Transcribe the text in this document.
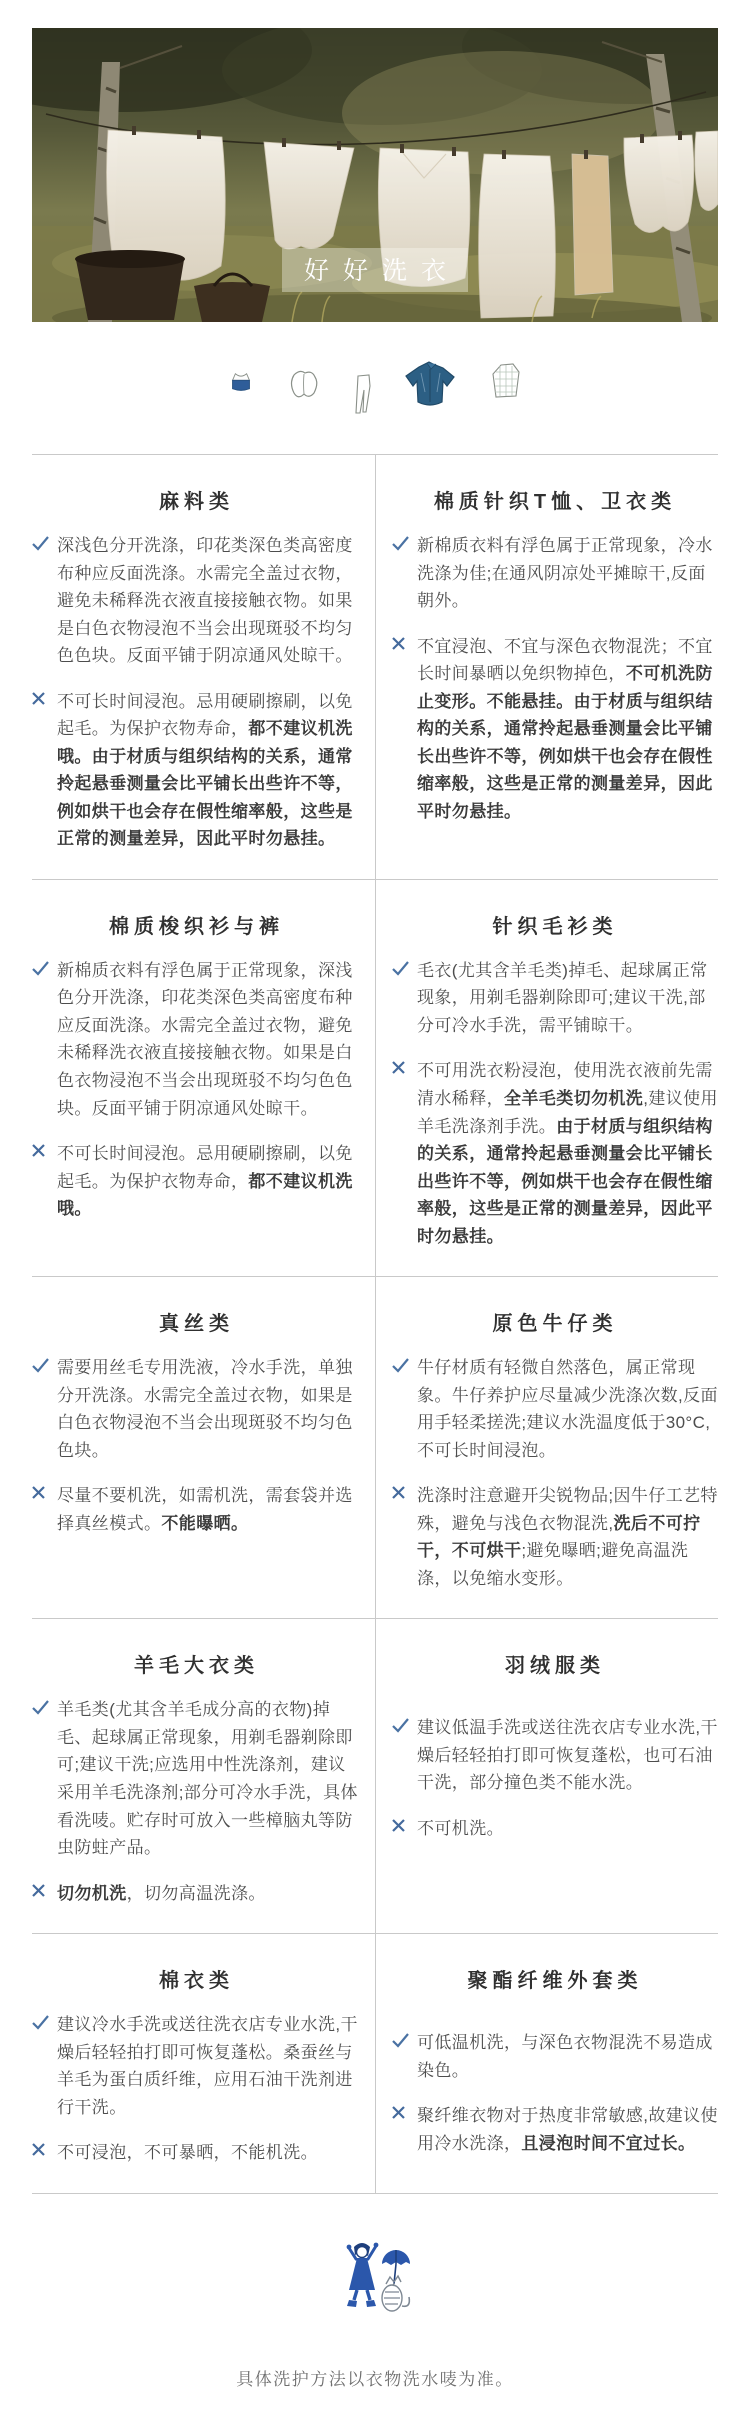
好好洗衣
麻料类

深浅色分开洗涤，印花类深色类高密度布种应反面洗涤。水需完全盖过衣物，避免未稀释洗衣液直接接触衣物。如果是白色衣物浸泡不当会出现斑驳不均匀色色块。反面平铺于阴凉通风处晾干。

不可长时间浸泡。忌用硬刷擦刷，以免起毛。为保护衣物寿命，都不建议机洗哦。由于材质与组织结构的关系，通常拎起悬垂测量会比平铺长出些许不等，例如烘干也会存在假性缩率般，这些是正常的测量差异，因此平时勿悬挂。

棉质针织T恤、卫衣类

新棉质衣料有浮色属于正常现象，冷水洗涤为佳;在通风阴凉处平摊晾干,反面朝外。

不宜浸泡、不宜与深色衣物混洗；不宜长时间暴晒以免织物掉色，不可机洗防止变形。不能悬挂。由于材质与组织结构的关系，通常拎起悬垂测量会比平铺长出些许不等，例如烘干也会存在假性缩率般，这些是正常的测量差异，因此平时勿悬挂。

棉质梭织衫与裤

新棉质衣料有浮色属于正常现象，深浅色分开洗涤，印花类深色类高密度布种应反面洗涤。水需完全盖过衣物，避免未稀释洗衣液直接接触衣物。如果是白色衣物浸泡不当会出现斑驳不均匀色色块。反面平铺于阴凉通风处晾干。

不可长时间浸泡。忌用硬刷擦刷，以免起毛。为保护衣物寿命，都不建议机洗哦。

针织毛衫类

毛衣(尤其含羊毛类)掉毛、起球属正常现象，用剃毛器剃除即可;建议干洗,部分可冷水手洗，需平铺晾干。

不可用洗衣粉浸泡，使用洗衣液前先需清水稀释，全羊毛类切勿机洗,建议使用羊毛洗涤剂手洗。由于材质与组织结构的关系，通常拎起悬垂测量会比平铺长出些许不等，例如烘干也会存在假性缩率般，这些是正常的测量差异，因此平时勿悬挂。

真丝类

需要用丝毛专用洗液，冷水手洗，单独分开洗涤。水需完全盖过衣物，如果是白色衣物浸泡不当会出现斑驳不均匀色色块。

尽量不要机洗，如需机洗，需套袋并选择真丝模式。不能曝晒。

原色牛仔类

牛仔材质有轻微自然落色，属正常现象。牛仔养护应尽量减少洗涤次数,反面用手轻柔搓洗;建议水洗温度低于30°C,不可长时间浸泡。

洗涤时注意避开尖锐物品;因牛仔工艺特殊，避免与浅色衣物混洗,洗后不可拧干，不可烘干;避免曝晒;避免高温洗涤，以免缩水变形。

羊毛大衣类

羊毛类(尤其含羊毛成分高的衣物)掉毛、起球属正常现象，用剃毛器剃除即可;建议干洗;应选用中性洗涤剂，建议采用羊毛洗涤剂;部分可冷水手洗，具体看洗唛。贮存时可放入一些樟脑丸等防虫防蛀产品。

切勿机洗，切勿高温洗涤。

羽绒服类

建议低温手洗或送往洗衣店专业水洗,干燥后轻轻拍打即可恢复蓬松，也可石油干洗，部分撞色类不能水洗。

不可机洗。

棉衣类

建议冷水手洗或送往洗衣店专业水洗,干燥后轻轻拍打即可恢复蓬松。桑蚕丝与羊毛为蛋白质纤维，应用石油干洗剂进行干洗。

不可浸泡，不可暴晒，不能机洗。

聚酯纤维外套类

可低温机洗，与深色衣物混洗不易造成染色。

聚纤维衣物对于热度非常敏感,故建议使用冷水洗涤，且浸泡时间不宜过长。

具体洗护方法以衣物洗水唛为准。
